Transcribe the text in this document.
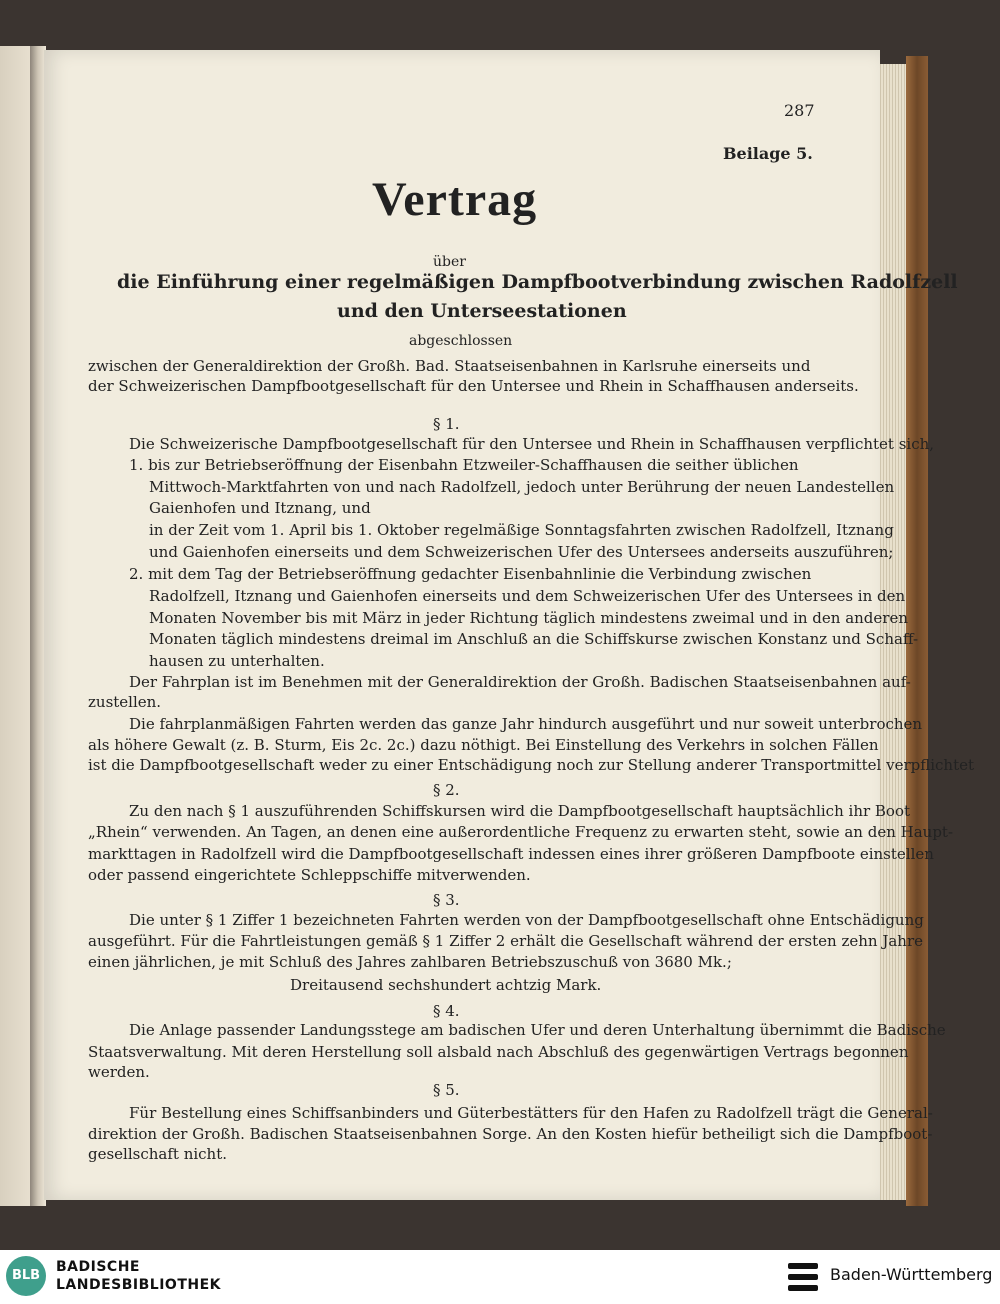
287
Beilage 5.
Vertrag
über
die Einführung einer regelmäßigen Dampfbootverbindung zwischen Radolfzell
und den Unterseestationen
abgeschlossen
zwischen der Generaldirektion der Großh. Bad. Staatseisenbahnen in Karlsruhe einerseits und
der Schweizerischen Dampfbootgesellschaft für den Untersee und Rhein in Schaffhausen anderseits.
§ 1.
Die Schweizerische Dampfbootgesellschaft für den Untersee und Rhein in Schaffhausen verpflichtet sich,
1. bis zur Betriebseröffnung der Eisenbahn Etzweiler-Schaffhausen die seither üblichen
Mittwoch-Marktfahrten von und nach Radolfzell, jedoch unter Berührung der neuen Landestellen
Gaienhofen und Itznang, und
in der Zeit vom 1. April bis 1. Oktober regelmäßige Sonntagsfahrten zwischen Radolfzell, Itznang
und Gaienhofen einerseits und dem Schweizerischen Ufer des Untersees anderseits auszuführen;
2. mit dem Tag der Betriebseröffnung gedachter Eisenbahnlinie die Verbindung zwischen
Radolfzell, Itznang und Gaienhofen einerseits und dem Schweizerischen Ufer des Untersees in den
Monaten November bis mit März in jeder Richtung täglich mindestens zweimal und in den anderen
Monaten täglich mindestens dreimal im Anschluß an die Schiffskurse zwischen Konstanz und Schaff-
hausen zu unterhalten.
Der Fahrplan ist im Benehmen mit der Generaldirektion der Großh. Badischen Staatseisenbahnen auf-
zustellen.
Die fahrplanmäßigen Fahrten werden das ganze Jahr hindurch ausgeführt und nur soweit unterbrochen
als höhere Gewalt (z. B. Sturm, Eis 2c. 2c.) dazu nöthigt. Bei Einstellung des Verkehrs in solchen Fällen
ist die Dampfbootgesellschaft weder zu einer Entschädigung noch zur Stellung anderer Transportmittel verpflichtet
§ 2.
Zu den nach § 1 auszuführenden Schiffskursen wird die Dampfbootgesellschaft hauptsächlich ihr Boot
„Rhein“ verwenden. An Tagen, an denen eine außerordentliche Frequenz zu erwarten steht, sowie an den Haupt-
markttagen in Radolfzell wird die Dampfbootgesellschaft indessen eines ihrer größeren Dampfboote einstellen
oder passend eingerichtete Schleppschiffe mitverwenden.
§ 3.
Die unter § 1 Ziffer 1 bezeichneten Fahrten werden von der Dampfbootgesellschaft ohne Entschädigung
ausgeführt. Für die Fahrtleistungen gemäß § 1 Ziffer 2 erhält die Gesellschaft während der ersten zehn Jahre
einen jährlichen, je mit Schluß des Jahres zahlbaren Betriebszuschuß von 3680 Mk.;
Dreitausend sechshundert achtzig Mark.
§ 4.
Die Anlage passender Landungsstege am badischen Ufer und deren Unterhaltung übernimmt die Badische
Staatsverwaltung. Mit deren Herstellung soll alsbald nach Abschluß des gegenwärtigen Vertrags begonnen
werden.
§ 5.
Für Bestellung eines Schiffsanbinders und Güterbestätters für den Hafen zu Radolfzell trägt die General-
direktion der Großh. Badischen Staatseisenbahnen Sorge. An den Kosten hiefür betheiligt sich die Dampfboot-
gesellschaft nicht.
BLB
BADISCHE
LANDESBIBLIOTHEK
Baden-Württemberg
